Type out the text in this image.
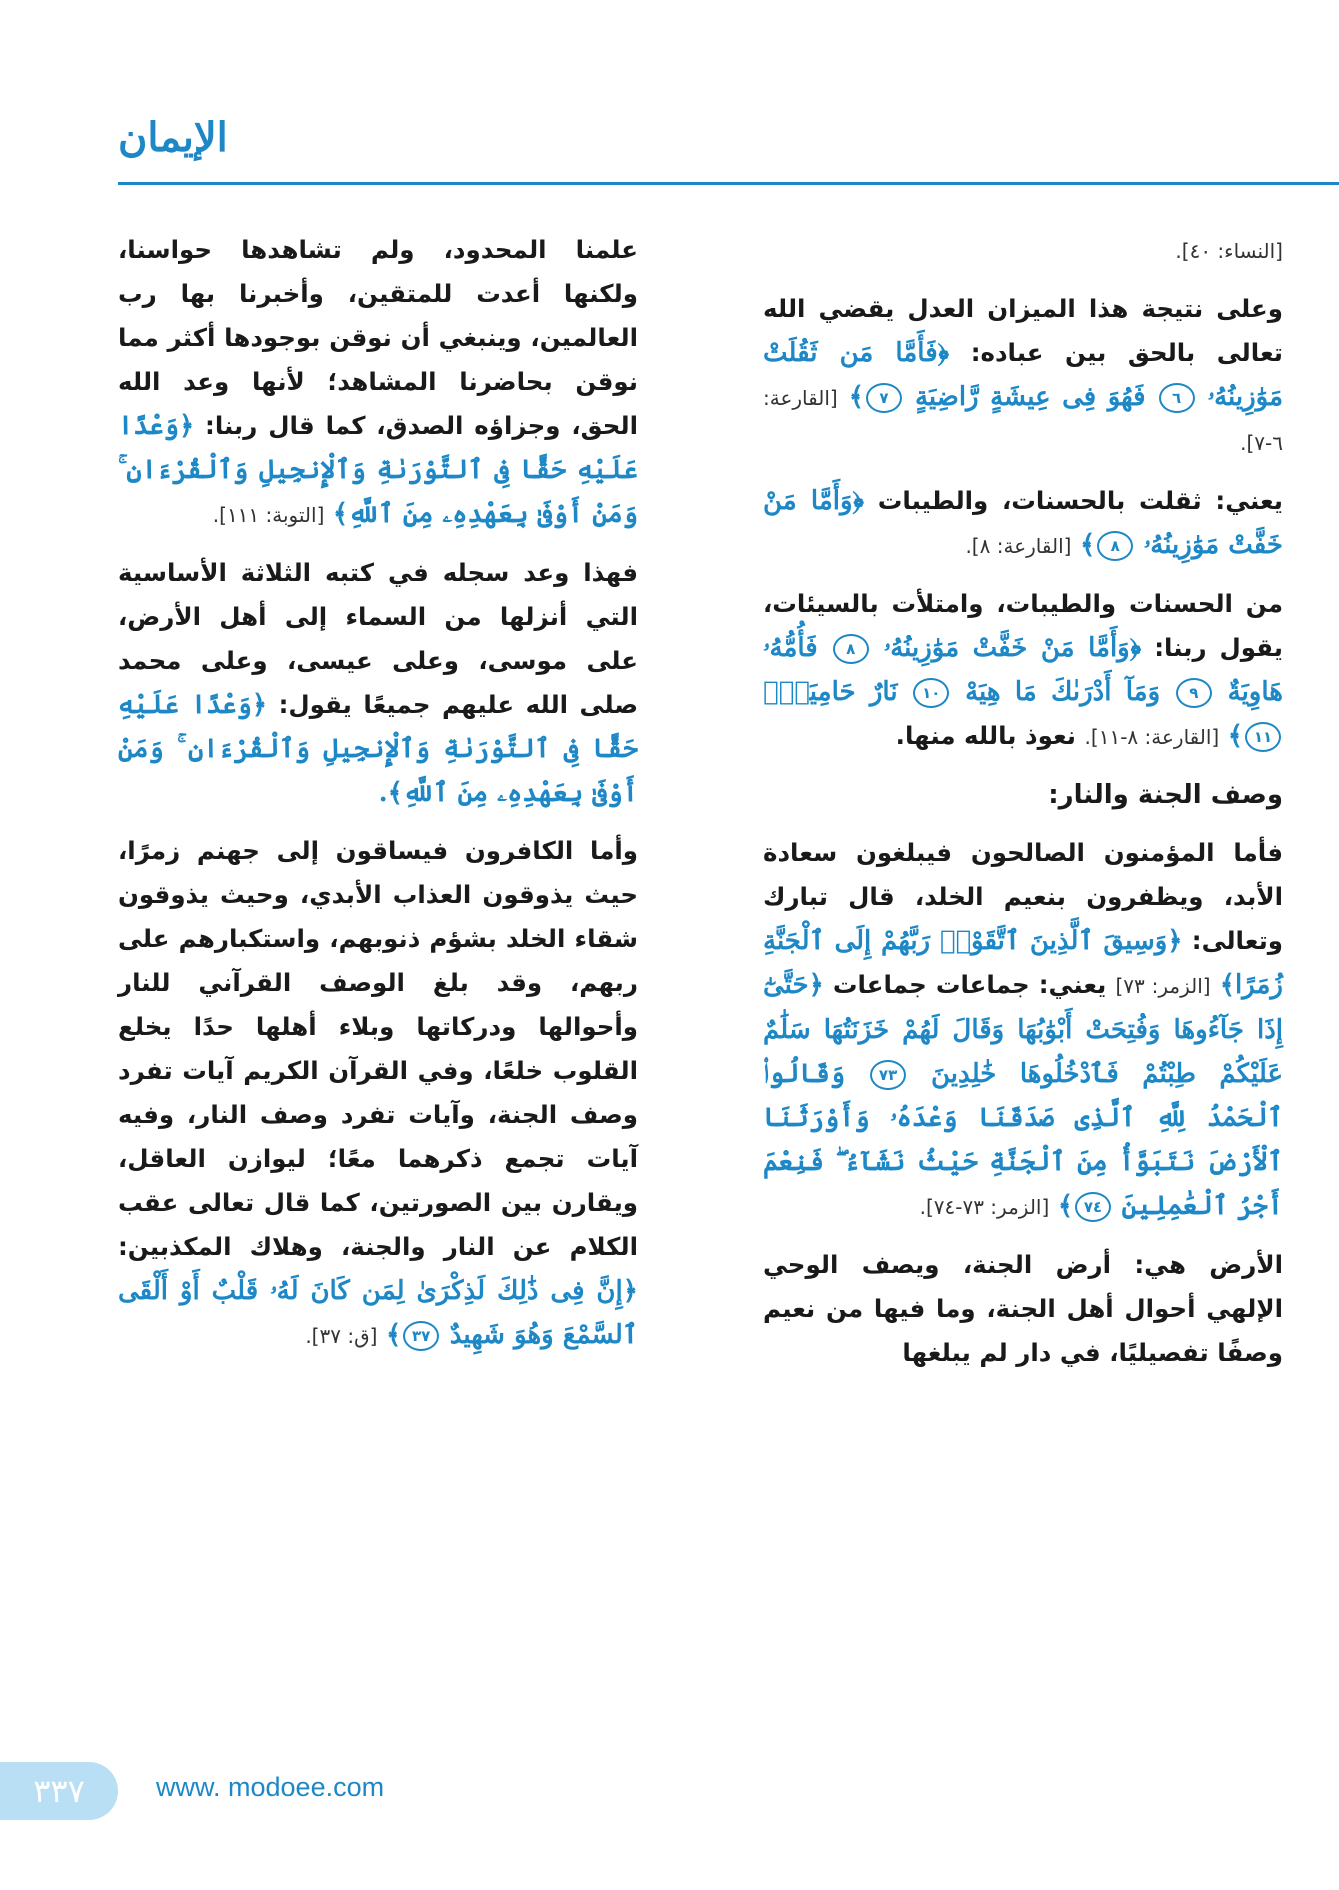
الإيمان

[النساء: ٤٠].

وعلى نتيجة هذا الميزان العدل يقضي الله تعالى بالحق بين عباده: ﴿فَأَمَّا مَن ثَقُلَتْ مَوَٰزِينُهُۥ ٦ فَهُوَ فِى عِيشَةٍ رَّاضِيَةٍ ٧﴾ [القارعة: ٦-٧].

يعني: ثقلت بالحسنات، والطيبات ﴿وَأَمَّا مَنْ خَفَّتْ مَوَٰزِينُهُۥ ٨﴾ [القارعة: ٨].

من الحسنات والطيبات، وامتلأت بالسيئات، يقول ربنا: ﴿وَأَمَّا مَنْ خَفَّتْ مَوَٰزِينُهُۥ ٨ فَأُمُّهُۥ هَاوِيَةٌ ٩ وَمَآ أَدْرَىٰكَ مَا هِيَهْ ١٠ نَارٌ حَامِيَةٌۢ ١١﴾ [القارعة: ٨-١١]. نعوذ بالله منها.

وصف الجنة والنار:

فأما المؤمنون الصالحون فيبلغون سعادة الأبد، ويظفرون بنعيم الخلد، قال تبارك وتعالى: ﴿وَسِيقَ ٱلَّذِينَ ٱتَّقَوْا۟ رَبَّهُمْ إِلَى ٱلْجَنَّةِ زُمَرًا﴾ [الزمر: ٧٣] يعني: جماعات جماعات ﴿حَتَّىٰٓ إِذَا جَآءُوهَا وَفُتِحَتْ أَبْوَٰبُهَا وَقَالَ لَهُمْ خَزَنَتُهَا سَلَٰمٌ عَلَيْكُمْ طِبْتُمْ فَٱدْخُلُوهَا خَٰلِدِينَ ٧٣ وَقَالُوا۟ ٱلْحَمْدُ لِلَّهِ ٱلَّذِى صَدَقَنَا وَعْدَهُۥ وَأَوْرَثَنَا ٱلْأَرْضَ نَتَبَوَّأُ مِنَ ٱلْجَنَّةِ حَيْثُ نَشَآءُ ۖ فَنِعْمَ أَجْرُ ٱلْعَٰمِلِينَ ٧٤﴾ [الزمر: ٧٣-٧٤].

الأرض هي: أرض الجنة، ويصف الوحي الإلهي أحوال أهل الجنة، وما فيها من نعيم وصفًا تفصيليًا، في دار لم يبلغها

علمنا المحدود، ولم تشاهدها حواسنا، ولكنها أعدت للمتقين، وأخبرنا بها رب العالمين، وينبغي أن نوقن بوجودها أكثر مما نوقن بحاضرنا المشاهد؛ لأنها وعد الله الحق، وجزاؤه الصدق، كما قال ربنا: ﴿وَعْدًا عَلَيْهِ حَقًّا فِى ٱلتَّوْرَىٰةِ وَٱلْإِنجِيلِ وَٱلْقُرْءَانِ ۚ وَمَنْ أَوْفَىٰ بِعَهْدِهِۦ مِنَ ٱللَّهِ﴾ [التوبة: ١١١].

فهذا وعد سجله في كتبه الثلاثة الأساسية التي أنزلها من السماء إلى أهل الأرض، على موسى، وعلى عيسى، وعلى محمد صلى الله عليهم جميعًا يقول: ﴿وَعْدًا عَلَيْهِ حَقًّا فِى ٱلتَّوْرَىٰةِ وَٱلْإِنجِيلِ وَٱلْقُرْءَانِ ۚ وَمَنْ أَوْفَىٰ بِعَهْدِهِۦ مِنَ ٱللَّهِ﴾.

وأما الكافرون فيساقون إلى جهنم زمرًا، حيث يذوقون العذاب الأبدي، وحيث يذوقون شقاء الخلد بشؤم ذنوبهم، واستكبارهم على ربهم، وقد بلغ الوصف القرآني للنار وأحوالها ودركاتها وبلاء أهلها حدًا يخلع القلوب خلعًا، وفي القرآن الكريم آيات تفرد وصف الجنة، وآيات تفرد وصف النار، وفيه آيات تجمع ذكرهما معًا؛ ليوازن العاقل، ويقارن بين الصورتين، كما قال تعالى عقب الكلام عن النار والجنة، وهلاك المكذبين: ﴿إِنَّ فِى ذَٰلِكَ لَذِكْرَىٰ لِمَن كَانَ لَهُۥ قَلْبٌ أَوْ أَلْقَى ٱلسَّمْعَ وَهُوَ شَهِيدٌ ٣٧﴾ [ق: ٣٧].

٣٣٧	www. modoee.com
